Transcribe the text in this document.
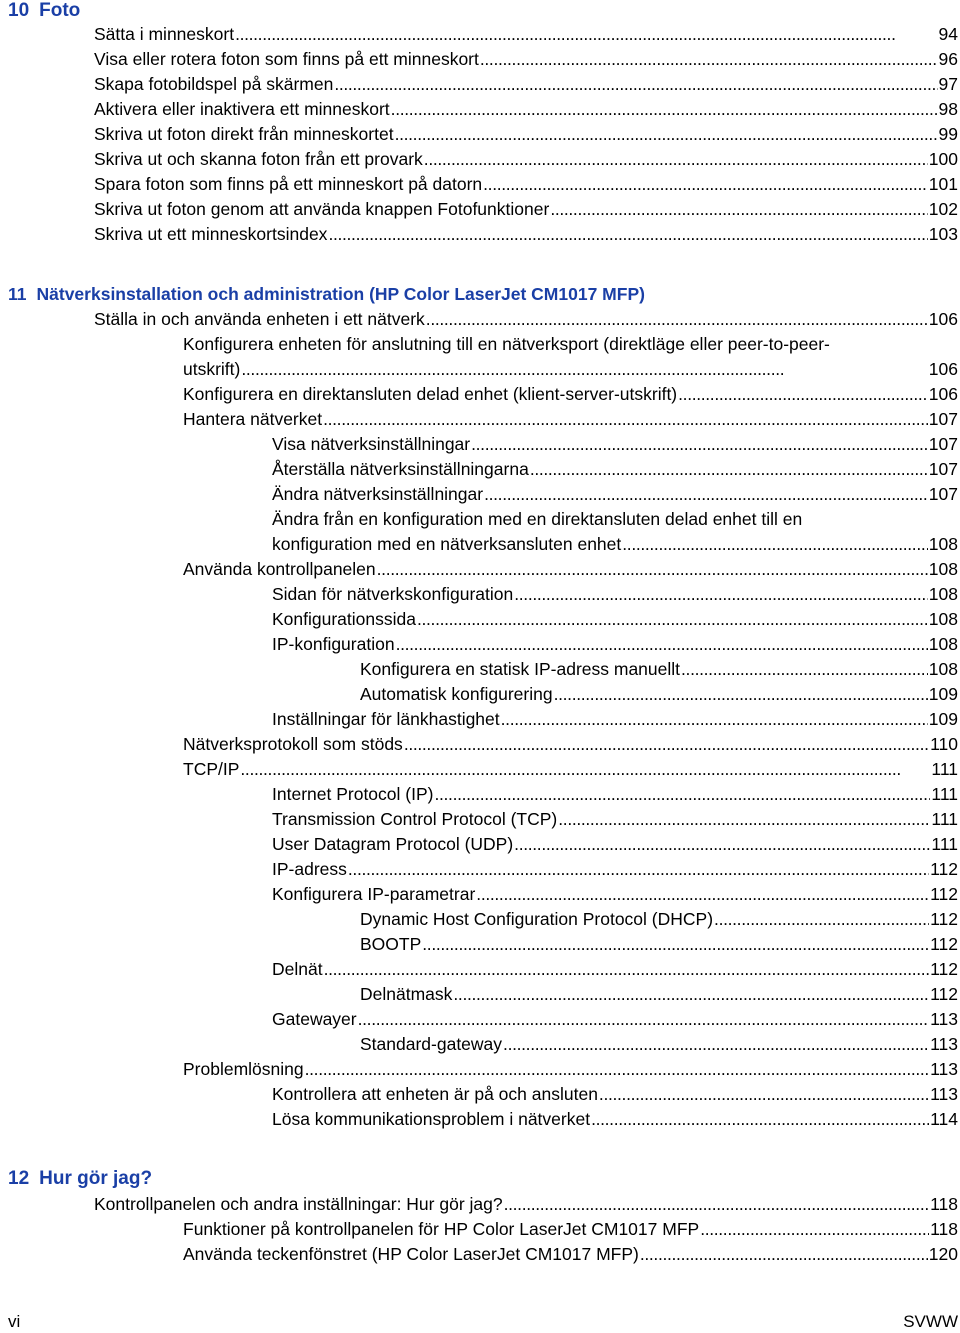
10 Foto
Sätta i minneskort . . .	94
Visa eller rotera foton som finns på ett minneskort . . .	96
Skapa fotobildspel på skärmen . . .	97
Aktivera eller inaktivera ett minneskort . . .	98
Skriva ut foton direkt från minneskortet . . .	99
Skriva ut och skanna foton från ett provark . . .	100
Spara foton som finns på ett minneskort på datorn . . .	101
Skriva ut foton genom att använda knappen Fotofunktioner . . .	102
Skriva ut ett minneskortsindex . . .	103
11 Nätverksinstallation och administration (HP Color LaserJet CM1017 MFP)
Ställa in och använda enheten i ett nätverk . . .	106
Konfigurera enheten för anslutning till en nätverksport (direktläge eller peer-to-peer-
utskrift) . . .	106
Konfigurera en direktansluten delad enhet (klient-server-utskrift) . . .	106
Hantera nätverket . . .	107
Visa nätverksinställningar . . .	107
Återställa nätverksinställningarna . . .	107
Ändra nätverksinställningar . . .	107
Ändra från en konfiguration med en direktansluten delad enhet till en
konfiguration med en nätverksansluten enhet . . .	108
Använda kontrollpanelen . . .	108
Sidan för nätverkskonfiguration . . .	108
Konfigurationssida . . .	108
IP-konfiguration . . .	108
Konfigurera en statisk IP-adress manuellt . . .	108
Automatisk konfigurering . . .	109
Inställningar för länkhastighet . . .	109
Nätverksprotokoll som stöds . . .	110
TCP/IP . . .	111
Internet Protocol (IP) . . .	111
Transmission Control Protocol (TCP) . . .	111
User Datagram Protocol (UDP) . . .	111
IP-adress . . .	112
Konfigurera IP-parametrar . . .	112
Dynamic Host Configuration Protocol (DHCP) . . .	112
BOOTP . . .	112
Delnät . . .	112
Delnätmask . . .	112
Gatewayer . . .	113
Standard-gateway . . .	113
Problemlösning . . .	113
Kontrollera att enheten är på och ansluten . . .	113
Lösa kommunikationsproblem i nätverket . . .	114
12 Hur gör jag?
Kontrollpanelen och andra inställningar: Hur gör jag? . . .	118
Funktioner på kontrollpanelen för HP Color LaserJet CM1017 MFP . . .	118
Använda teckenfönstret (HP Color LaserJet CM1017 MFP) . . .	120
vi	SVWW
